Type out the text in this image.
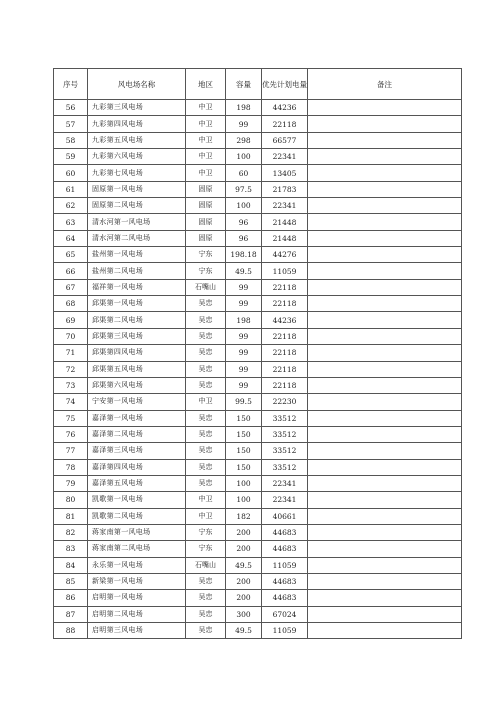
序号	风电场名称	地区	容量	优先计划电量	备注
56	九彩第三风电场	中卫	198	44236	
57	九彩第四风电场	中卫	99	22118	
58	九彩第五风电场	中卫	298	66577	
59	九彩第六风电场	中卫	100	22341	
60	九彩第七风电场	中卫	60	13405	
61	固原第一风电场	固原	97.5	21783	
62	固原第二风电场	固原	100	22341	
63	清水河第一风电场	固原	96	21448	
64	清水河第二风电场	固原	96	21448	
65	盐州第一风电场	宁东	198.18	44276	
66	盐州第二风电场	宁东	49.5	11059	
67	福祥第一风电场	石嘴山	99	22118	
68	邱渠第一风电场	吴忠	99	22118	
69	邱渠第二风电场	吴忠	198	44236	
70	邱渠第三风电场	吴忠	99	22118	
71	邱渠第四风电场	吴忠	99	22118	
72	邱渠第五风电场	吴忠	99	22118	
73	邱渠第六风电场	吴忠	99	22118	
74	宁安第一风电场	中卫	99.5	22230	
75	嘉泽第一风电场	吴忠	150	33512	
76	嘉泽第二风电场	吴忠	150	33512	
77	嘉泽第三风电场	吴忠	150	33512	
78	嘉泽第四风电场	吴忠	150	33512	
79	嘉泽第五风电场	吴忠	100	22341	
80	凯歌第一风电场	中卫	100	22341	
81	凯歌第二风电场	中卫	182	40661	
82	蒋家南第一风电场	宁东	200	44683	
83	蒋家南第二风电场	宁东	200	44683	
84	永乐第一风电场	石嘴山	49.5	11059	
85	新梁第一风电场	吴忠	200	44683	
86	启明第一风电场	吴忠	200	44683	
87	启明第二风电场	吴忠	300	67024	
88	启明第三风电场	吴忠	49.5	11059	
